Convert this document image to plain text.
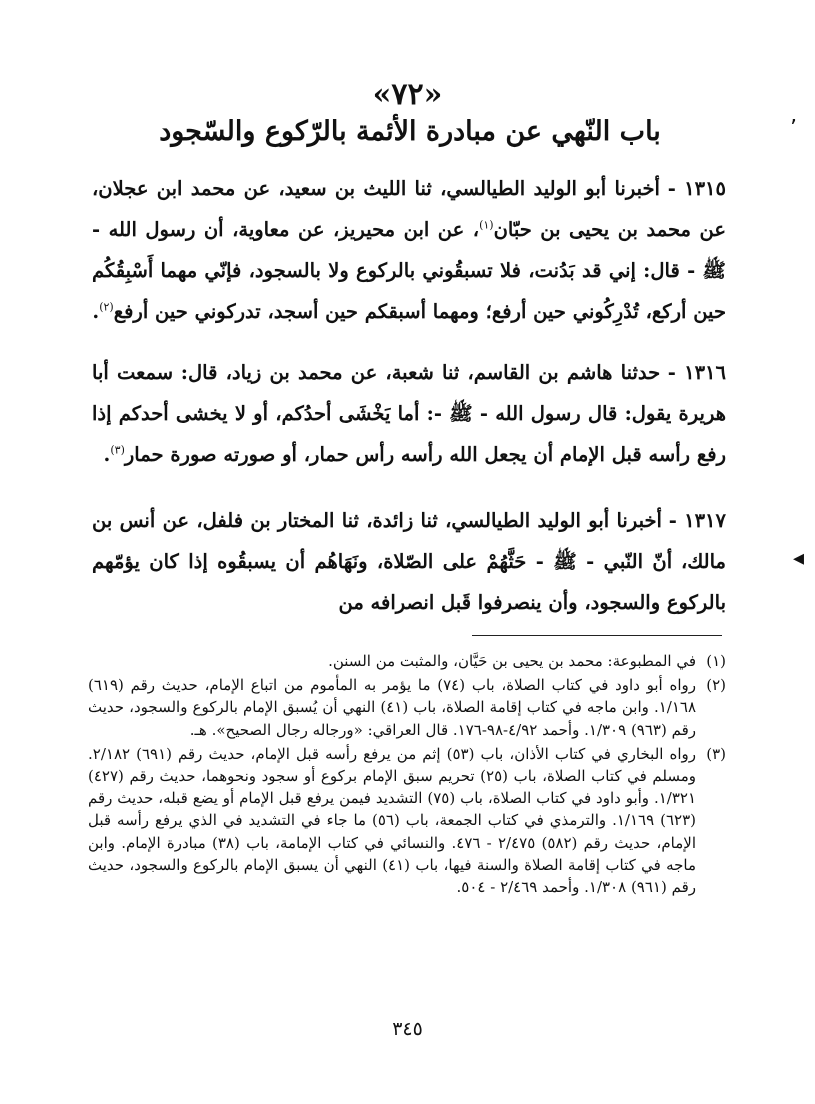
٬
«٧٢»
باب النّهي عن مبادرة الأئمة بالرّكوع والسّجود

١٣١٥ - أخبرنا أبو الوليد الطيالسي، ثنا الليث بن سعيد، عن محمد ابن عجلان، عن محمد بن يحيى بن حبّان$^{(١)}$، عن ابن محيريز، عن معاوية، أن رسول الله - ﷺ - قال: إني قد بَدُنت، فلا تسبقُوني بالركوع ولا بالسجود، فإنّي مهما أَسْبِقُكُم حين أركع، تُدْرِكُوني حين أرفع؛ ومهما أسبقكم حين أسجد، تدركوني حين أرفع$^{(٢)}$.

١٣١٦ - حدثنا هاشم بن القاسم، ثنا شعبة، عن محمد بن زياد، قال: سمعت أبا هريرة يقول: قال رسول الله - ﷺ -: أما يَخْشَى أحدُكم، أو لا يخشى أحدكم إذا رفع رأسه قبل الإمام أن يجعل الله رأسه رأس حمار، أو صورته صورة حمار$^{(٣)}$.

◂

١٣١٧ - أخبرنا أبو الوليد الطيالسي، ثنا زائدة، ثنا المختار بن فلفل، عن أنس بن مالك، أنّ النّبي - ﷺ - حَثَّهُمْ على الصّلاة، ونَهَاهُم أن يسبقُوه إذا كان يؤمّهم بالركوع والسجود، وأن ينصرفوا قَبل انصرافه من

(١)
في المطبوعة: محمد بن يحيى بن حَيَّان، والمثبت من السنن.
(٢)
رواه أبو داود في كتاب الصلاة، باب (٧٤) ما يؤمر به المأموم من اتباع الإمام، حديث رقم (٦١٩) ١/١٦٨. وابن ماجه في كتاب إقامة الصلاة، باب (٤١) النهي أن يُسبق الإمام بالركوع والسجود، حديث رقم (٩٦٣) ١/٣٠٩. وأحمد ٤/٩٢-٩٨-١٧٦. قال العراقي: «ورجاله رجال الصحيح». هـ.
(٣)
رواه البخاري في كتاب الأذان، باب (٥٣) إثم من يرفع رأسه قبل الإمام، حديث رقم (٦٩١) ٢/١٨٢. ومسلم في كتاب الصلاة، باب (٢٥) تحريم سبق الإمام بركوع أو سجود ونحوهما، حديث رقم (٤٢٧) ١/٣٢١. وأبو داود في كتاب الصلاة، باب (٧٥) التشديد فيمن يرفع قبل الإمام أو يضع قبله، حديث رقم (٦٢٣) ١/١٦٩. والترمذي في كتاب الجمعة، باب (٥٦) ما جاء في التشديد في الذي يرفع رأسه قبل الإمام، حديث رقم (٥٨٢) ٢/٤٧٥ - ٤٧٦. والنسائي في كتاب الإمامة، باب (٣٨) مبادرة الإمام. وابن ماجه في كتاب إقامة الصلاة والسنة فيها، باب (٤١) النهي أن يسبق الإمام بالركوع والسجود، حديث رقم (٩٦١) ١/٣٠٨. وأحمد ٢/٤٦٩ - ٥٠٤.
٣٤٥
